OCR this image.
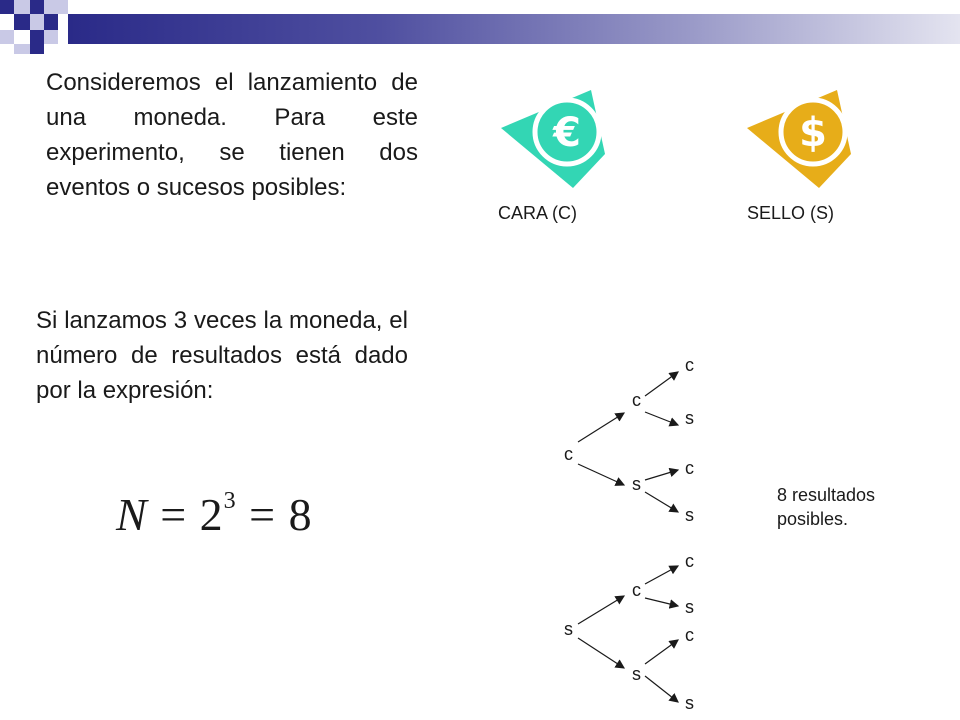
Consideremos el lanzamiento de una moneda. Para este experimento, se tienen dos eventos o sucesos posibles:

€	$
CARA (C)	SELLO (S)

Si lanzamos 3 veces la moneda, el número de resultados está dado por la expresión:

$N = 2^3 = 8$
c
s
c
s
c
s
c
s
c
s
c
s
c
s
8 resultados
posibles.
